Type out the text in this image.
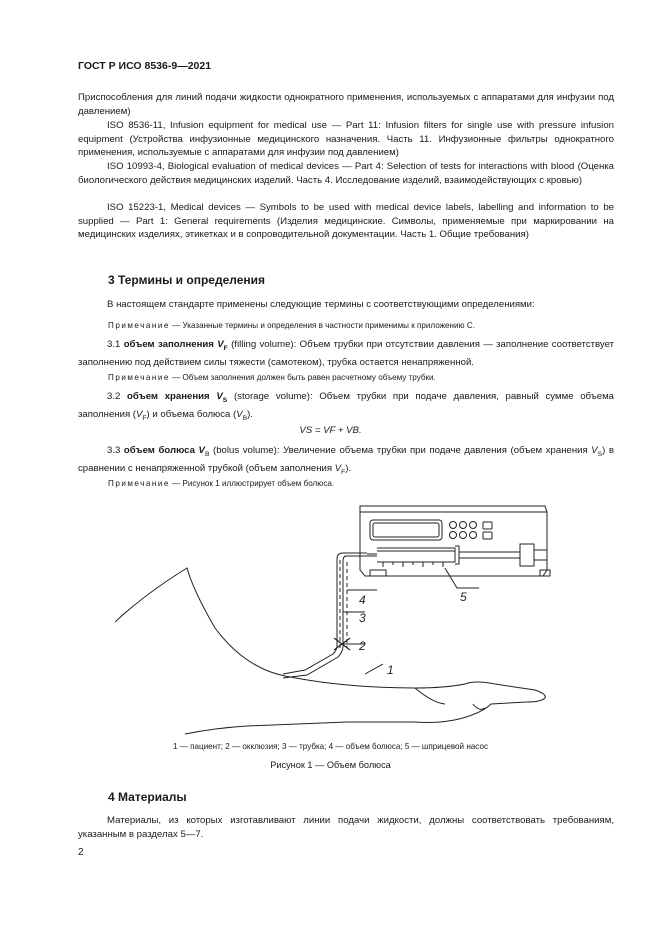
ГОСТ Р ИСО 8536-9—2021

Приспособления для линий подачи жидкости однократного применения, используемых с аппаратами для инфузии под давлением)

ISO 8536-11, Infusion equipment for medical use — Part 11: Infusion filters for single use with pressure infusion equipment (Устройства инфузионные медицинского назначения. Часть 11. Инфузионные фильтры однократного применения, используемые с аппаратами для инфузии под давлением)

ISO 10993-4, Biological evaluation of medical devices — Part 4: Selection of tests for interactions with blood (Оценка биологического действия медицинских изделий. Часть 4. Исследование изделий, взаимодействующих с кровью)

ISO 15223-1, Medical devices — Symbols to be used with medical device labels, labelling and information to be supplied — Part 1: General requirements (Изделия медицинские. Символы, применяемые при маркировании на медицинских изделиях, этикетках и в сопроводительной документации. Часть 1. Общие требования)

3 Термины и определения

В настоящем стандарте применены следующие термины с соответствующими определениями:

Примечание — Указанные термины и определения в частности применимы к приложению С.

3.1 объем заполнения $V_F$ (filling volume): Объем трубки при отсутствии давления — заполнение соответствует заполнению под действием силы тяжести (самотеком), трубка остается ненапряженной.

Примечание — Объем заполнения должен быть равен расчетному объему трубки.

3.2 объем хранения $V_S$ (storage volume): Объем трубки при подаче давления, равный сумме объема заполнения $(V_F)$ и объема болюса $(V_B)$.

VS = VF + VB.

3.3 объем болюса $V_B$ (bolus volume): Увеличение объема трубки при подаче давления (объем хранения $V_S$) в сравнении с ненапряженной трубкой (объем заполнения $V_F$).

Примечание — Рисунок 1 иллюстрирует объем болюса.

4
3
2
1
5
1 — пациент; 2 — окклюзия; 3 — трубка; 4 — объем болюса; 5 — шприцевой насос
Рисунок 1 — Объем болюса
4 Материалы

Материалы, из которых изготавливают линии подачи жидкости, должны соответствовать требованиям, указанным в разделах 5—7.

2
